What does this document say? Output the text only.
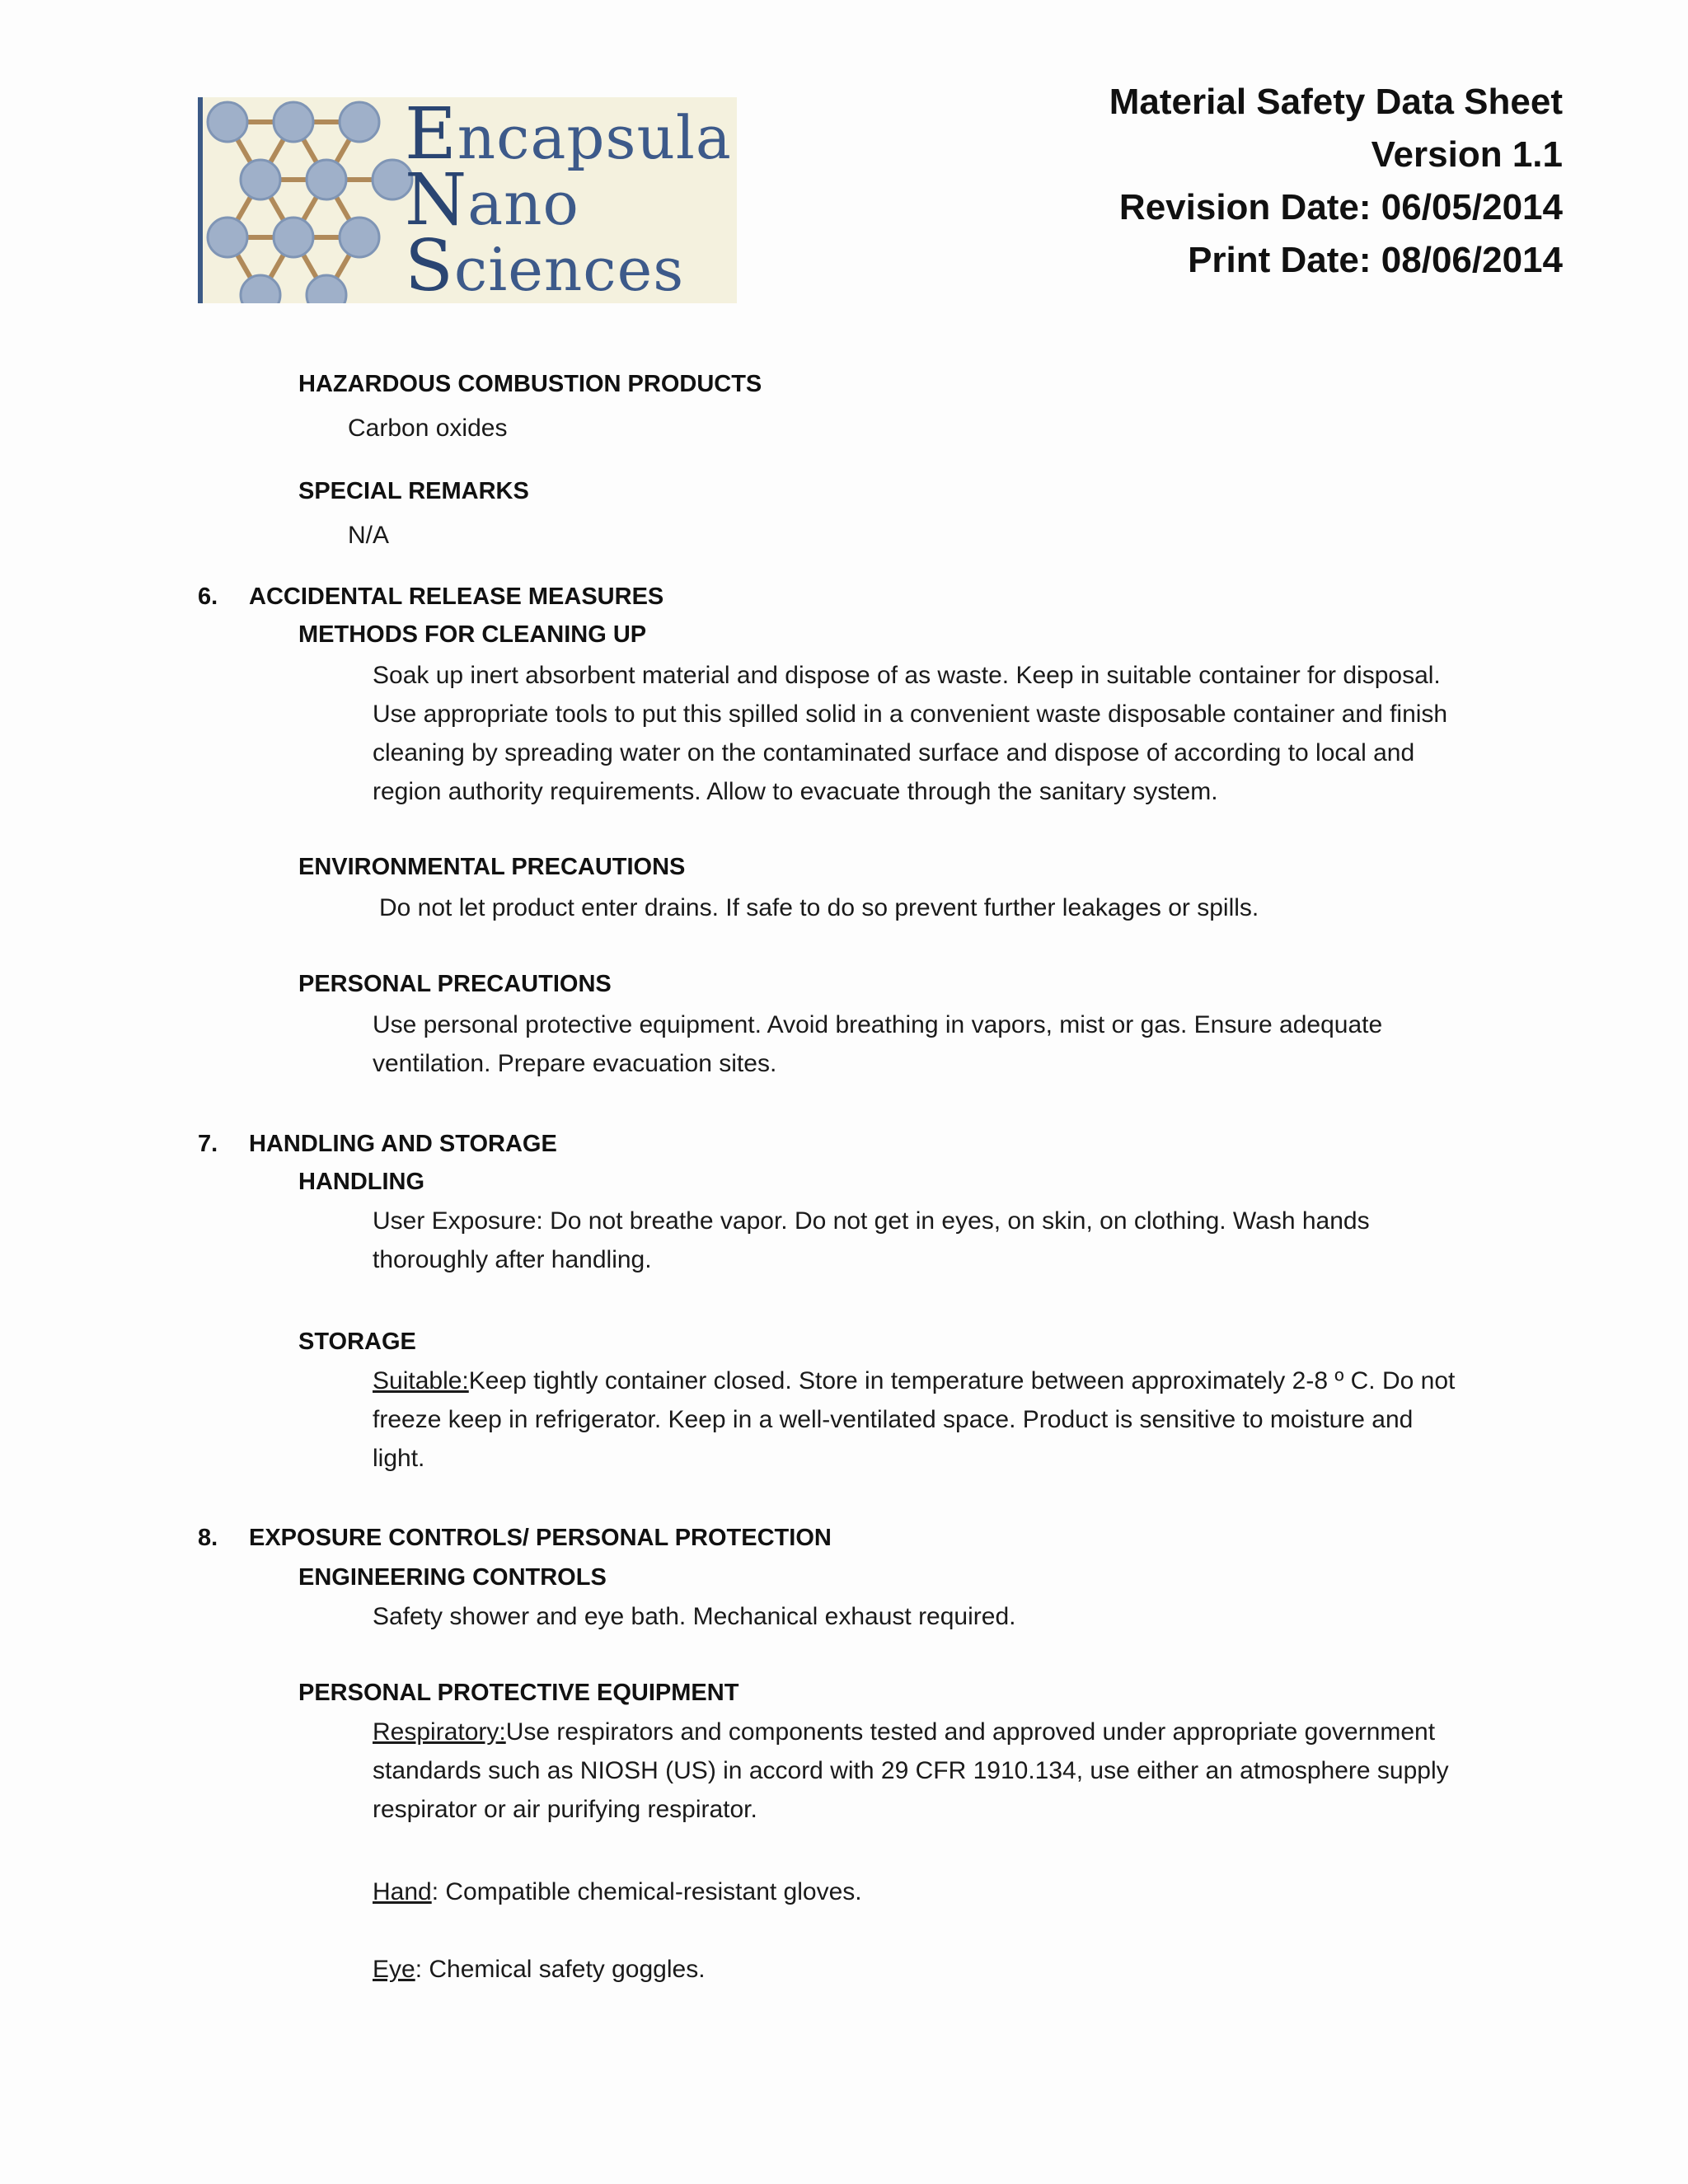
Encapsula
Nano
Sciences
Material Safety Data Sheet
Version 1.1
Revision Date: 06/05/2014
Print Date: 08/06/2014
HAZARDOUS COMBUSTION PRODUCTS
Carbon oxides
SPECIAL REMARKS
N/A
6. ACCIDENTAL RELEASE MEASURES
METHODS FOR CLEANING UP
Soak up inert absorbent material and dispose of as waste. Keep in suitable container for disposal.
Use appropriate tools to put this spilled solid in a convenient waste disposable container and finish
cleaning by spreading water on the contaminated surface and dispose of according to local and
region authority requirements. Allow to evacuate through the sanitary system.
ENVIRONMENTAL PRECAUTIONS
Do not let product enter drains. If safe to do so prevent further leakages or spills.
PERSONAL PRECAUTIONS
Use personal protective equipment. Avoid breathing in vapors, mist or gas. Ensure adequate
ventilation. Prepare evacuation sites.
7. HANDLING AND STORAGE
HANDLING
User Exposure: Do not breathe vapor. Do not get in eyes, on skin, on clothing. Wash hands
thoroughly after handling.
STORAGE
Suitable:Keep tightly container closed. Store in temperature between approximately 2-8 º C. Do not
freeze keep in refrigerator. Keep in a well-ventilated space. Product is sensitive to moisture and
light.
8. EXPOSURE CONTROLS/ PERSONAL PROTECTION
ENGINEERING CONTROLS
Safety shower and eye bath. Mechanical exhaust required.
PERSONAL PROTECTIVE EQUIPMENT
Respiratory:Use respirators and components tested and approved under appropriate government
standards such as NIOSH (US) in accord with 29 CFR 1910.134, use either an atmosphere supply
respirator or air purifying respirator.
Hand: Compatible chemical-resistant gloves.
Eye: Chemical safety goggles.
